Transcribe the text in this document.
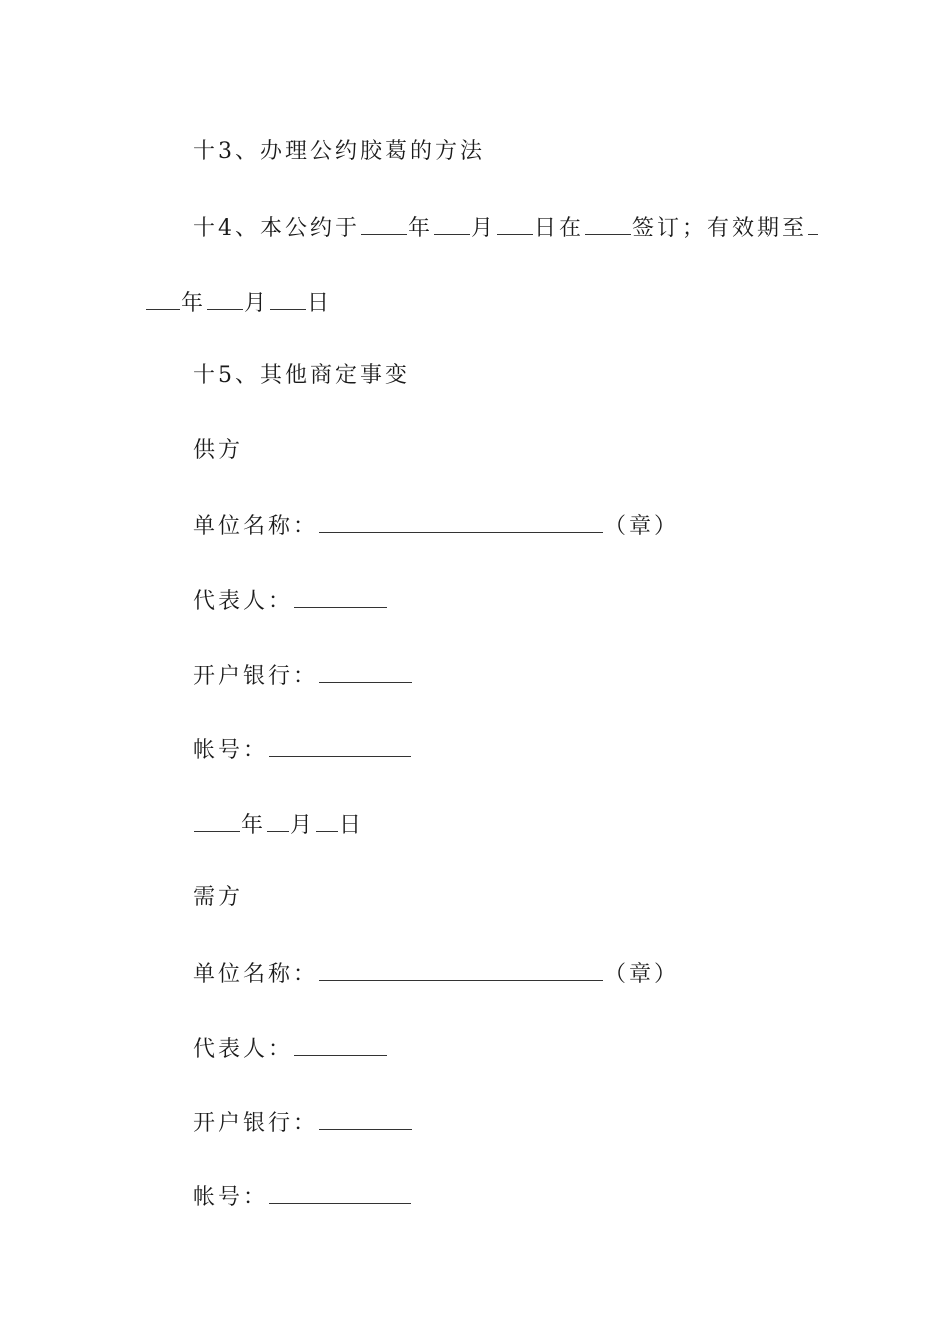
十3、办理公约胶葛的方法
十4、本公约于 年 月 日在 签订；有效期至
年 月 日
十5、其他商定事变
供方
单位名称：	（章）
代表人：
开户银行：
帐号：
年 月 日
需方
单位名称：	（章）
代表人：
开户银行：
帐号：
